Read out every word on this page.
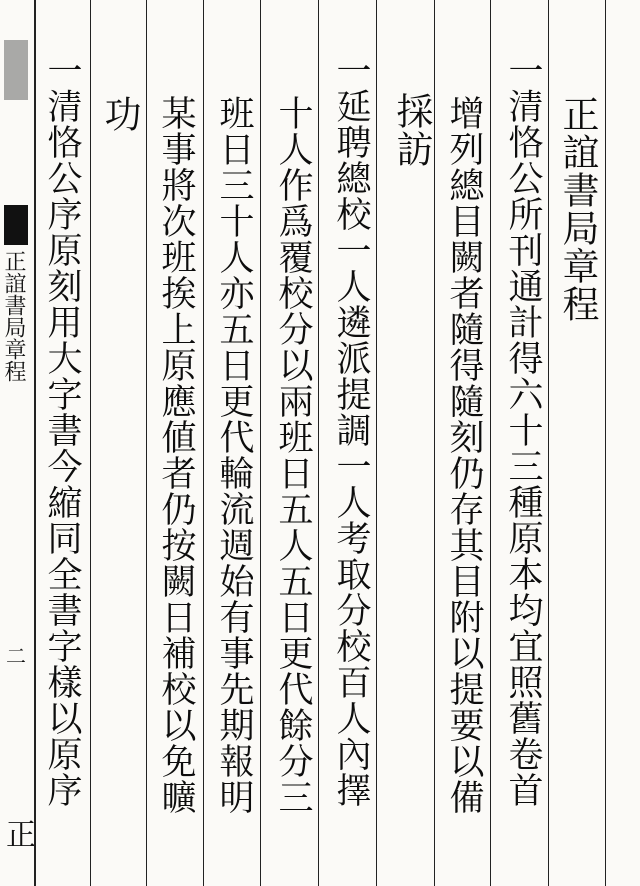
正誼書局章程
二
正
正誼書局章程
一清恪公所刊通計得六十三種原本均宜照舊卷首
增列總目闕者隨得隨刻仍存其目附以提要以備
採訪
一延聘總校一人遴派提調一人考取分校百人內擇
十人作爲覆校分以兩班日五人五日更代餘分三
班日三十人亦五日更代輪流週始有事先期報明
某事將次班挨上原應値者仍按闕日補校以免曠
功
一清恪公序原刻用大字書今縮同全書字樣以原序
